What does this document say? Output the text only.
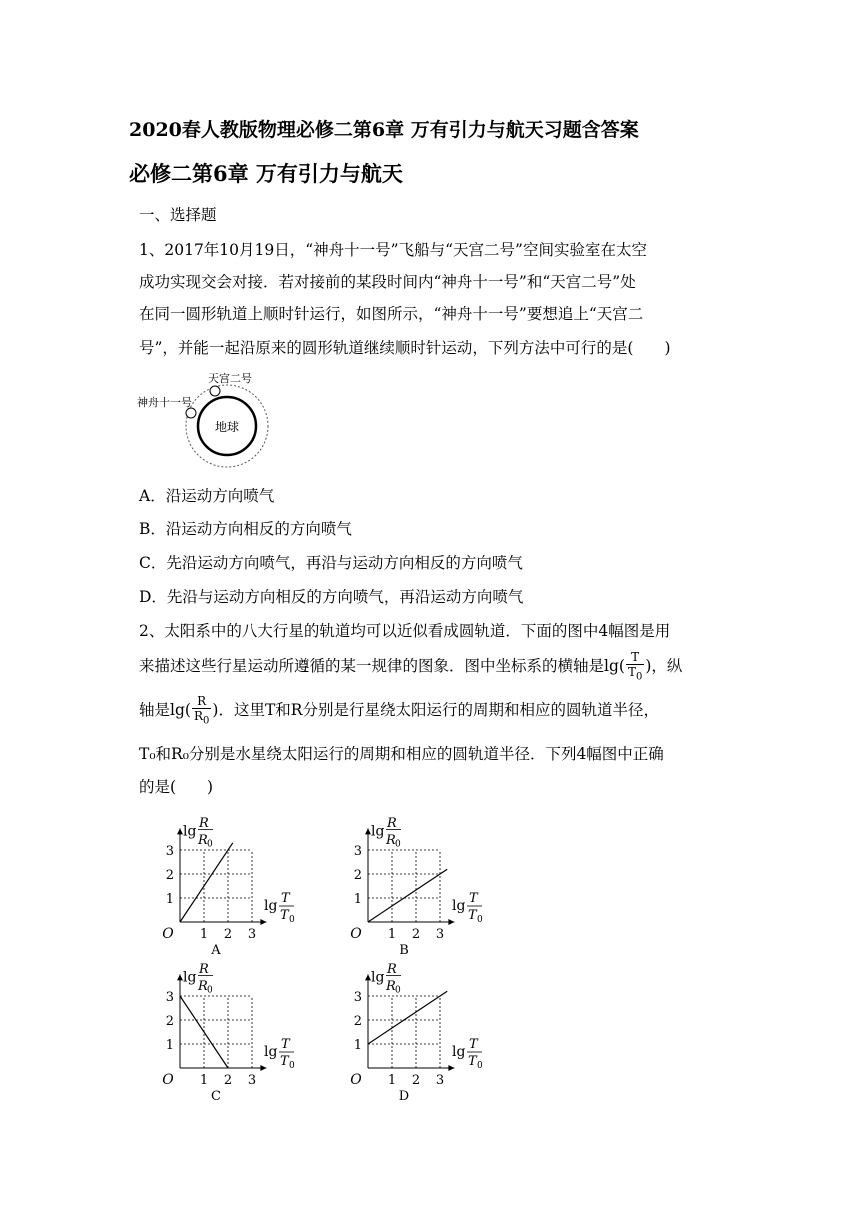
2020春人教版物理必修二第6章 万有引力与航天习题含答案
必修二第6章 万有引力与航天
一、选择题
1、2017年10月19日，“神舟十一号”飞船与“天宫二号”空间实验室在太空
成功实现交会对接．若对接前的某段时间内“神舟十一号”和“天宫二号”处
在同一圆形轨道上顺时针运行，如图所示，“神舟十一号”要想追上“天宫二
号”，并能一起沿原来的圆形轨道继续顺时针运动，下列方法中可行的是(　　)
地球
天宫二号
神舟十一号
A．沿运动方向喷气
B．沿运动方向相反的方向喷气
C．先沿运动方向喷气，再沿与运动方向相反的方向喷气
D．先沿与运动方向相反的方向喷气，再沿运动方向喷气
2、太阳系中的八大行星的轨道均可以近似看成圆轨道．下面的图中4幅图是用
来描述这些行星运动所遵循的某一规律的图象．图中坐标系的横轴是$\lg( \frac{T}{T_0}$ )，纵
轴是$\lg( \frac{R}{R_0}$ )．这里T和R分别是行星绕太阳运行的周期和相应的圆轨道半径，
T₀和R₀分别是水星绕太阳运行的周期和相应的圆轨道半径．下列4幅图中正确
的是(　　)
1
1
2
2
3
3
O
lg R
R 0
lg T
T 0
A
1
1
2
2
3
3
O
lg R
R 0
lg T
T 0
B
1
1
2
2
3
3
O
lg R
R 0
lg T
T 0
C
1
1
2
2
3
3
O
lg R
R 0
lg T
T 0
D
